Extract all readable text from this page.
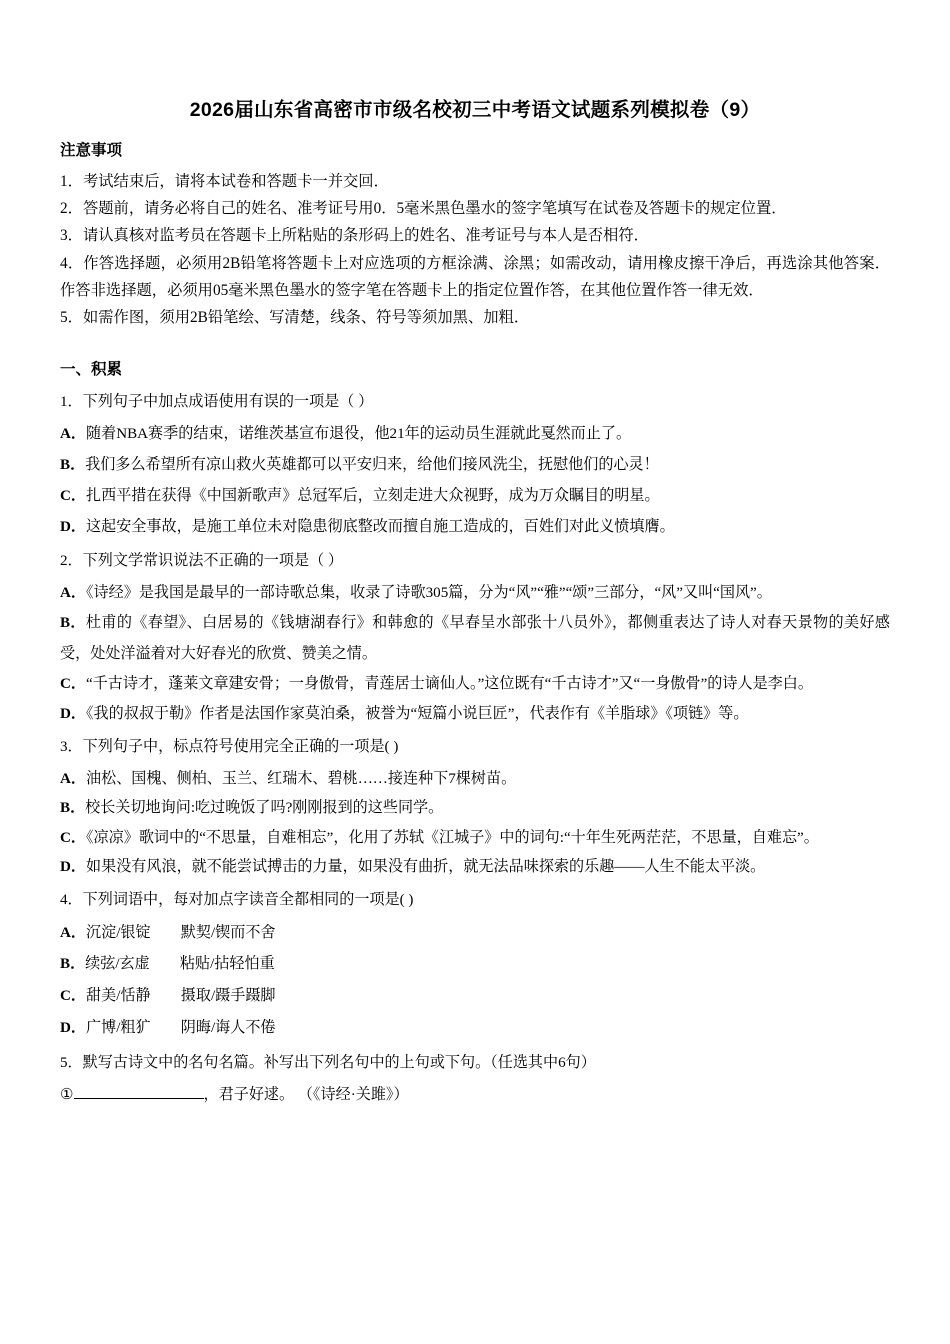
2026届山东省高密市市级名校初三中考语文试题系列模拟卷（9）
注意事项

1．考试结束后，请将本试卷和答题卡一并交回．

2．答题前，请务必将自己的姓名、准考证号用0．5毫米黑色墨水的签字笔填写在试卷及答题卡的规定位置．

3．请认真核对监考员在答题卡上所粘贴的条形码上的姓名、准考证号与本人是否相符．

4．作答选择题，必须用2B铅笔将答题卡上对应选项的方框涂满、涂黑；如需改动，请用橡皮擦干净后，再选涂其他答案．作答非选择题，必须用05毫米黑色墨水的签字笔在答题卡上的指定位置作答，在其他位置作答一律无效．

5．如需作图，须用2B铅笔绘、写清楚，线条、符号等须加黑、加粗．

一、积累

1．下列句子中加点成语使用有误的一项是（ ）

A．随着NBA赛季的结束，诺维茨基宣布退役，他21年的运动员生涯就此戛然而止了。

B．我们多么希望所有凉山救火英雄都可以平安归来，给他们接风洗尘，抚慰他们的心灵！

C．扎西平措在获得《中国新歌声》总冠军后，立刻走进大众视野，成为万众瞩目的明星。

D．这起安全事故，是施工单位未对隐患彻底整改而擅自施工造成的，百姓们对此义愤填膺。

2．下列文学常识说法不正确的一项是（ ）

A．《诗经》是我国是最早的一部诗歌总集，收录了诗歌305篇，分为“风”“雅”“颂”三部分，“风”又叫“国风”。

B．杜甫的《春望》、白居易的《钱塘湖春行》和韩愈的《早春呈水部张十八员外》，都侧重表达了诗人对春天景物的美好感受，处处洋溢着对大好春光的欣赏、赞美之情。

C．“千古诗才，蓬莱文章建安骨；一身傲骨，青莲居士谪仙人。”这位既有“千古诗才”又“一身傲骨”的诗人是李白。

D．《我的叔叔于勒》作者是法国作家莫泊桑，被誉为“短篇小说巨匠”，代表作有《羊脂球》《项链》等。

3．下列句子中，标点符号使用完全正确的一项是( )

A．油松、国槐、侧柏、玉兰、红瑞木、碧桃……接连种下7棵树苗。

B．校长关切地询问:吃过晚饭了吗?刚刚报到的这些同学。

C．《凉凉》歌词中的“不思量，自难相忘”，化用了苏轼《江城子》中的词句:“十年生死两茫茫，不思量，自难忘”。

D．如果没有风浪，就不能尝试搏击的力量，如果没有曲折，就无法品味探索的乐趣——人生不能太平淡。

4．下列词语中，每对加点字读音全都相同的一项是( )

A．沉淀/银锭        默契/锲而不舍

B．续弦/玄虚        粘贴/拈轻怕重

C．甜美/恬静        摄取/蹑手蹑脚

D．广博/粗犷        阴晦/诲人不倦

5．默写古诗文中的名句名篇。补写出下列名句中的上句或下句。（任选其中6句）

①	，君子好逑。 （《诗经·关雎》）
